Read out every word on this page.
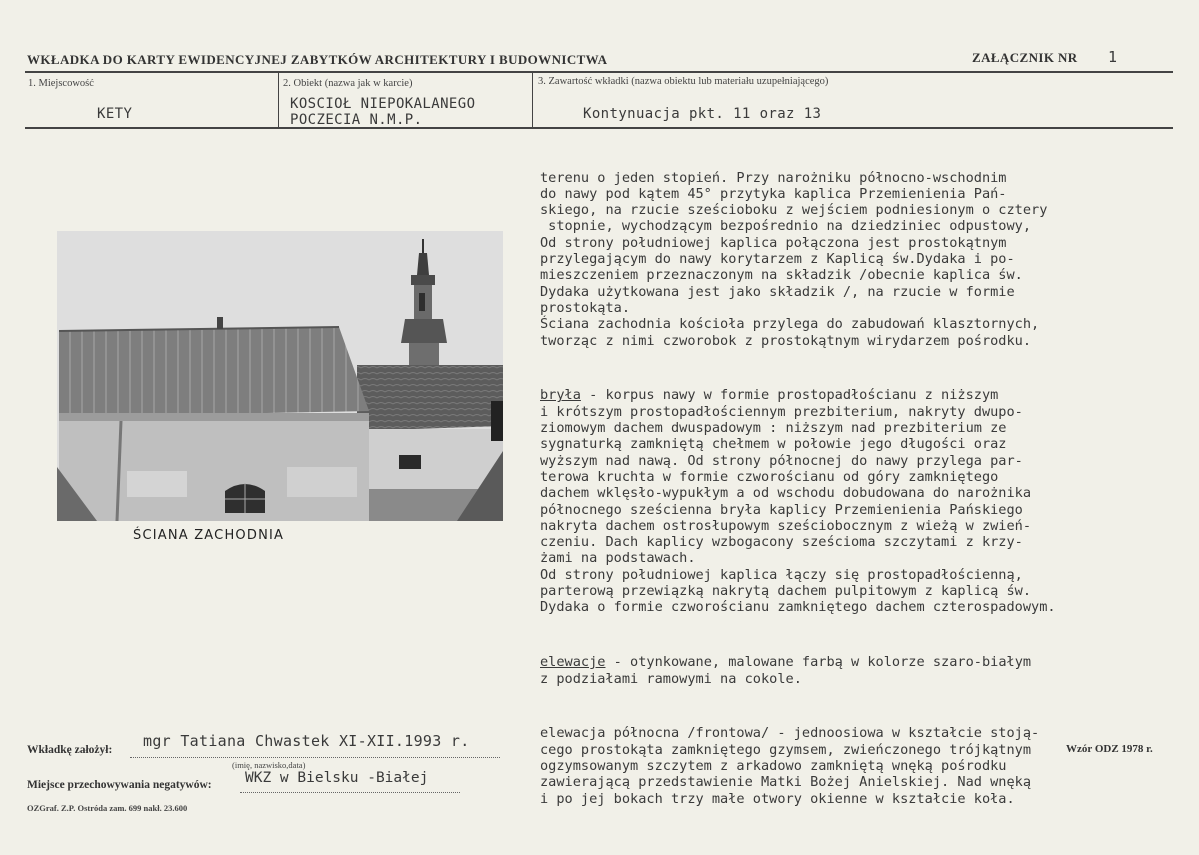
WKŁADKA DO KARTY EWIDENCYJNEJ ZABYTKÓW ARCHITEKTURY I BUDOWNICTWA	ZAŁĄCZNIK NR 1
1. Miejscowość
KETY
2. Obiekt (nazwa jak w karcie)
KOSCIOŁ NIEPOKALANEGO
POCZECIA N.M.P.
3. Zawartość wkładki (nazwa obiektu lub materiału uzupełniającego)
Kontynuacja pkt. 11 oraz 13
ŚCIANA ZACHODNIA

terenu o jeden stopień. Przy narożniku północno-wschodnim
do nawy pod kątem 45° przytyka kaplica Przemienienia Pań-
skiego, na rzucie sześcioboku z wejściem podniesionym o cztery
stopnie, wychodzącym bezpośrednio na dziedziniec odpustowy,
Od strony południowej kaplica połączona jest prostokątnym
przylegającym do nawy korytarzem z Kaplicą św.Dydaka i po-
mieszczeniem przeznaczonym na składzik /obecnie kaplica św.
Dydaka użytkowana jest jako składzik /, na rzucie w formie
prostokąta.
Ściana zachodnia kościoła przylega do zabudowań klasztornych,
tworząc z nimi czworobok z prostokątnym wirydarzem pośrodku.

bryła - korpus nawy w formie prostopadłościanu z niższym
i krótszym prostopadłościennym prezbiterium, nakryty dwupo-
ziomowym dachem dwuspadowym : niższym nad prezbiterium ze
sygnaturką zamkniętą chełmem w połowie jego długości oraz
wyższym nad nawą. Od strony północnej do nawy przylega par-
terowa kruchta w formie czworościanu od góry zamkniętego
dachem wklęsło-wypukłym a od wschodu dobudowana do narożnika
północnego sześcienna bryła kaplicy Przemienienia Pańskiego
nakryta dachem ostrosłupowym sześciobocznym z wieżą w zwień-
czeniu. Dach kaplicy wzbogacony sześcioma szczytami z krzy-
żami na podstawach.
Od strony południowej kaplica łączy się prostopadłościenną,
parterową przewiązką nakrytą dachem pulpitowym z kaplicą św.
Dydaka o formie czworościanu zamkniętego dachem czterospadowym.

elewacje - otynkowane, malowane farbą w kolorze szaro-białym
z podziałami ramowymi na cokole.

elewacja północna /frontowa/ - jednoosiowa w kształcie stoją-
cego prostokąta zamkniętego gzymsem, zwieńczonego trójkątnym
ogzymsowanym szczytem z arkadowo zamkniętą wnęką pośrodku
zawierającą przedstawienie Matki Bożej Anielskiej. Nad wnęką
i po jej bokach trzy małe otwory okienne w kształcie koła.

Wkładkę założył: mgr Tatiana Chwastek XI-XII.1993 r.
(imię, nazwisko,data)
Miejsce przechowywania negatywów: WKZ w Bielsku -Białej
Wzór ODZ 1978 r.
OZGraf. Z.P. Ostróda zam. 699 nakł. 23.600
